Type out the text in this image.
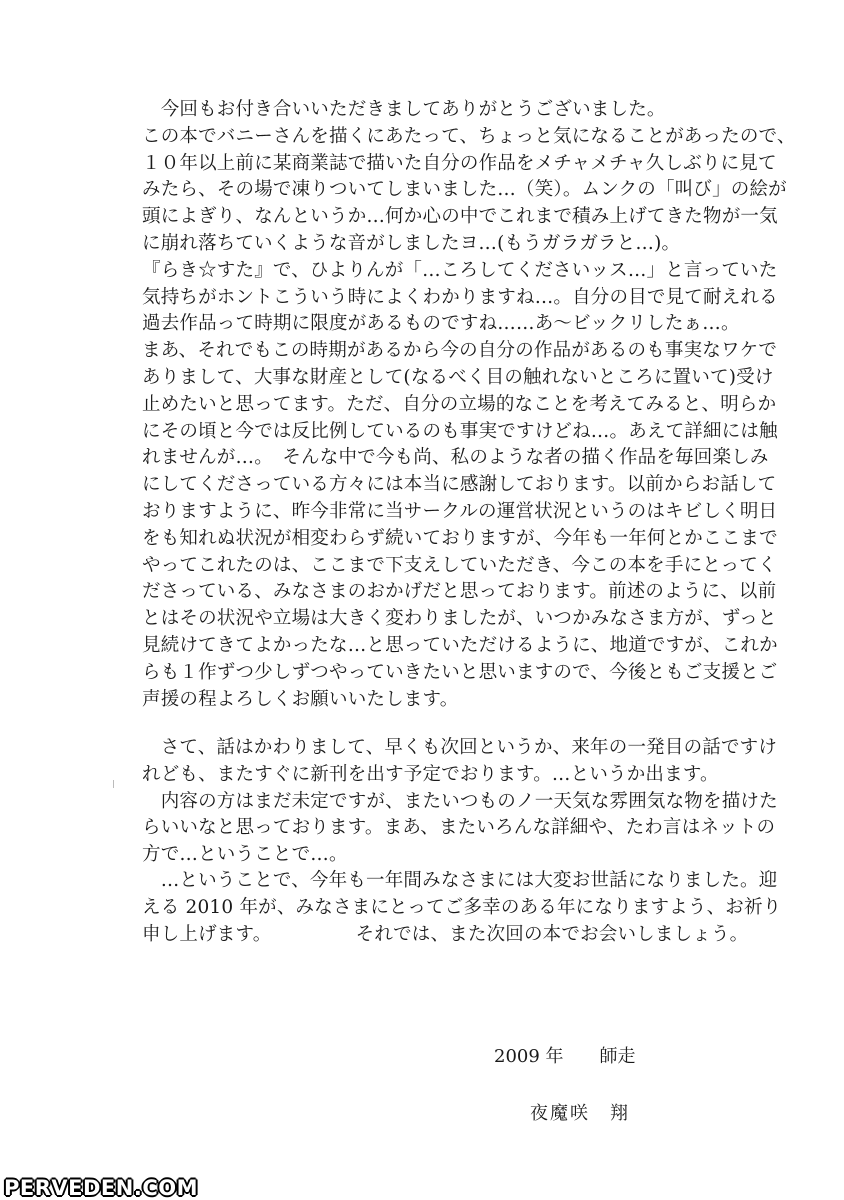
　今回もお付き合いいただきましてありがとうございました。
この本でバニーさんを描くにあたって、ちょっと気になることがあったので、
１０年以上前に某商業誌で描いた自分の作品をメチャメチャ久しぶりに見て
みたら、その場で凍りついてしまいました…（笑）。ムンクの「叫び」の絵が
頭によぎり、なんというか…何か心の中でこれまで積み上げてきた物が一気
に崩れ落ちていくような音がしましたヨ…(もうガラガラと…)。
『らき☆すた』で、ひよりんが「…ころしてくださいッス…」と言っていた
気持ちがホントこういう時によくわかりますね…。自分の目で見て耐えれる
過去作品って時期に限度があるものですね……あ～ビックリしたぁ…。
まあ、それでもこの時期があるから今の自分の作品があるのも事実なワケで
ありまして、大事な財産として(なるべく目の触れないところに置いて)受け
止めたいと思ってます。ただ、自分の立場的なことを考えてみると、明らか
にその頃と今では反比例しているのも事実ですけどね…。あえて詳細には触
れませんが…。　そんな中で今も尚、私のような者の描く作品を毎回楽しみ
にしてくださっている方々には本当に感謝しております。以前からお話して
おりますように、昨今非常に当サークルの運営状況というのはキビしく明日
をも知れぬ状況が相変わらず続いておりますが、今年も一年何とかここまで
やってこれたのは、ここまで下支えしていただき、今この本を手にとってく
ださっている、みなさまのおかげだと思っております。前述のように、以前
とはその状況や立場は大きく変わりましたが、いつかみなさま方が、ずっと
見続けてきてよかったな…と思っていただけるように、地道ですが、これか
らも１作ずつ少しずつやっていきたいと思いますので、今後ともご支援とご
声援の程よろしくお願いいたします。
　さて、話はかわりまして、早くも次回というか、来年の一発目の話ですけ
れども、またすぐに新刊を出す予定でおります。…というか出ます。
　内容の方はまだ未定ですが、またいつものノ一天気な雰囲気な物を描けた
らいいなと思っております。まあ、またいろんな詳細や、たわ言はネットの
方で…ということで…。
　…ということで、今年も一年間みなさまには大変お世話になりました。迎
える 2010 年が、みなさまにとってご多幸のある年になりますよう、お祈り
申し上げます。　　　　　それでは、また次回の本でお会いしましょう。
2009 年　　師走
夜魔咲　翔
PERVEDEN.COM
